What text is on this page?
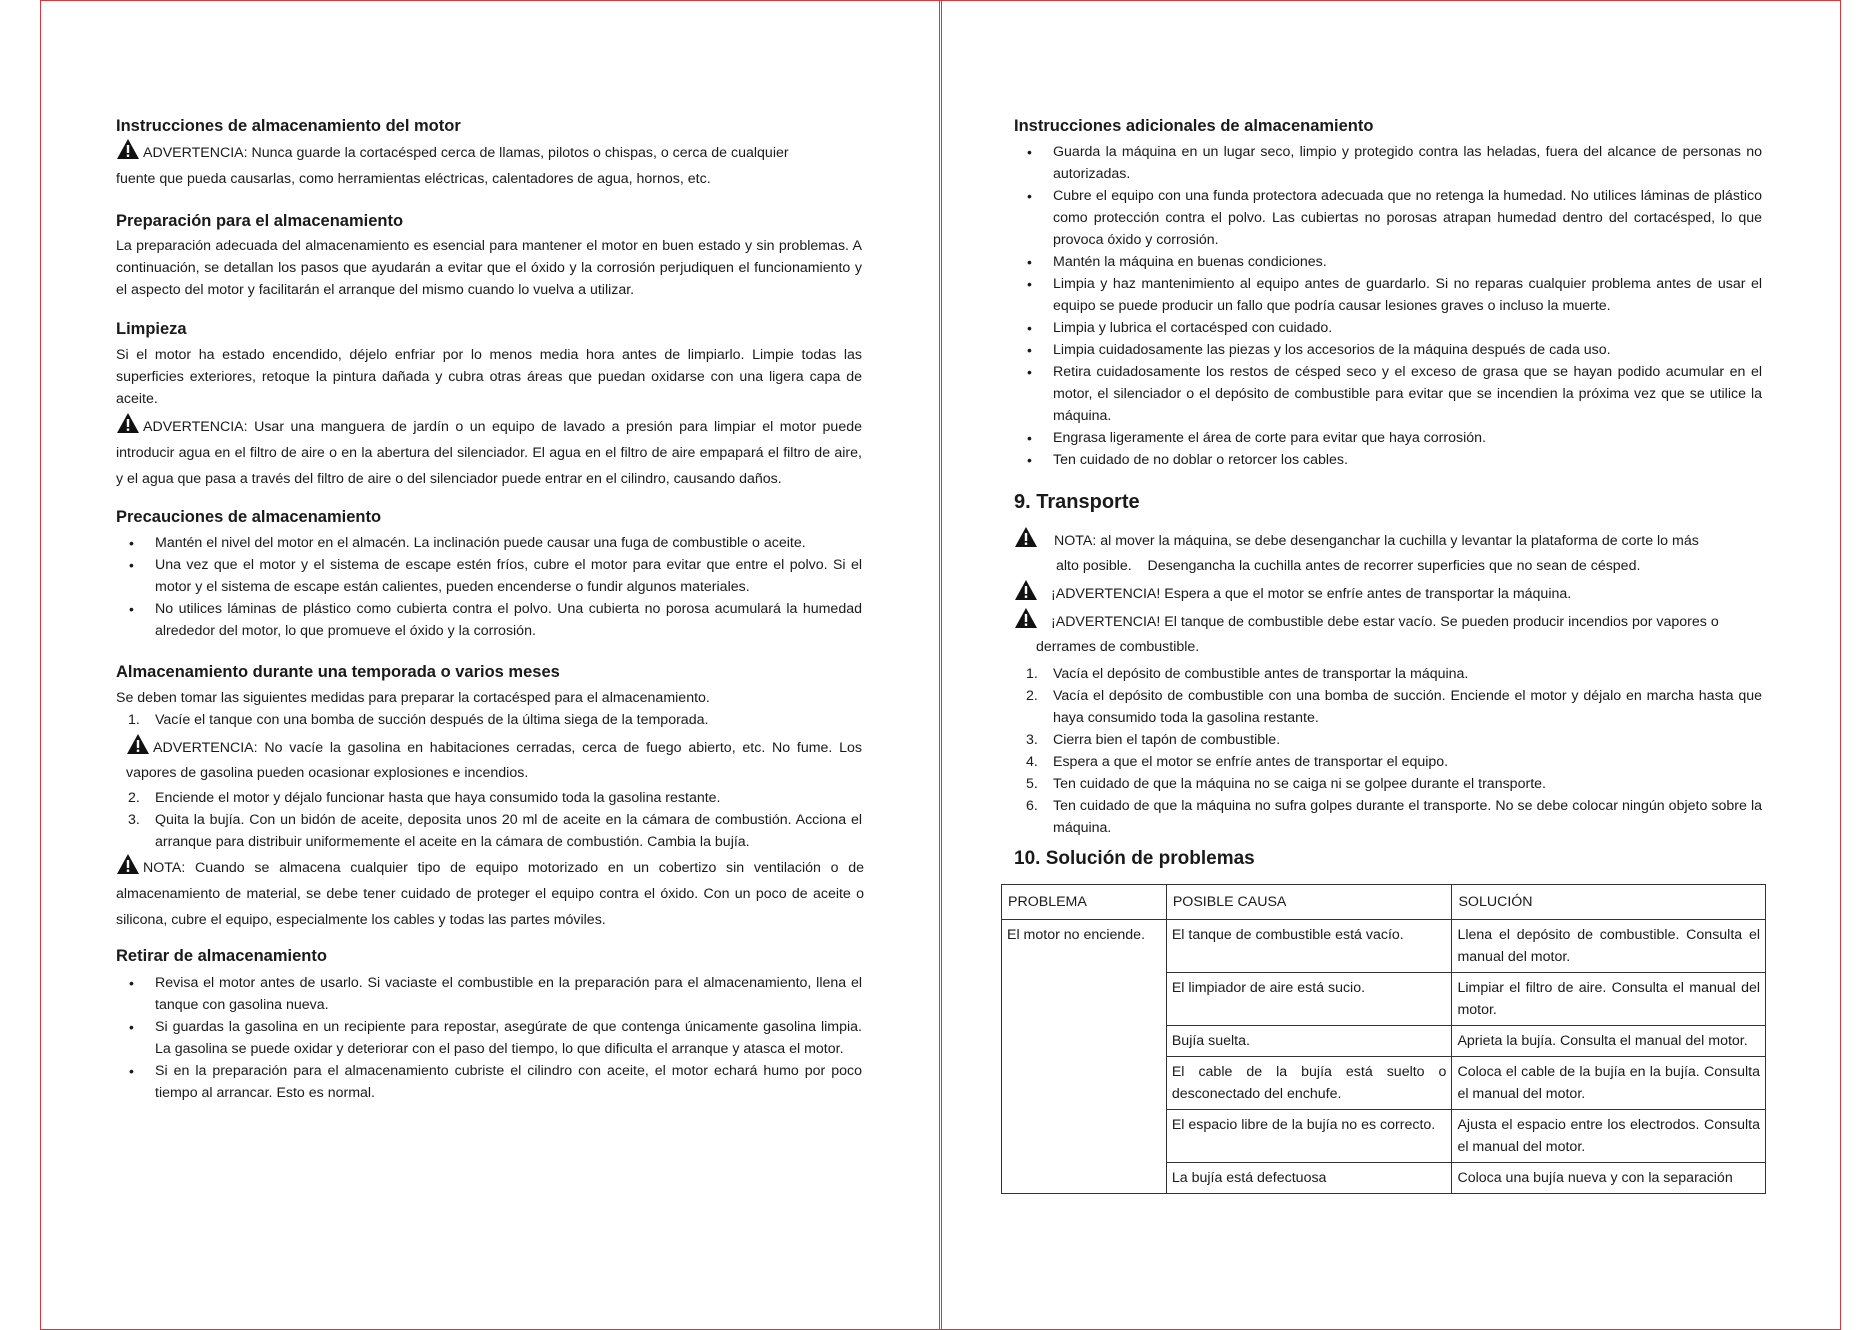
Instrucciones de almacenamiento del motor

ADVERTENCIA: Nunca guarde la cortacésped cerca de llamas, pilotos o chispas, o cerca de cualquier

fuente que pueda causarlas, como herramientas eléctricas, calentadores de agua, hornos, etc.

Preparación para el almacenamiento

La preparación adecuada del almacenamiento es esencial para mantener el motor en buen estado y sin problemas. A continuación, se detallan los pasos que ayudarán a evitar que el óxido y la corrosión perjudiquen el funcionamiento y el aspecto del motor y facilitarán el arranque del mismo cuando lo vuelva a utilizar.

Limpieza

Si el motor ha estado encendido, déjelo enfriar por lo menos media hora antes de limpiarlo. Limpie todas las superficies exteriores, retoque la pintura dañada y cubra otras áreas que puedan oxidarse con una ligera capa de aceite.

ADVERTENCIA: Usar una manguera de jardín o un equipo de lavado a presión para limpiar el motor puede introducir agua en el filtro de aire o en la abertura del silenciador. El agua en el filtro de aire empapará el filtro de aire, y el agua que pasa a través del filtro de aire o del silenciador puede entrar en el cilindro, causando daños.

Precauciones de almacenamiento
• Mantén el nivel del motor en el almacén. La inclinación puede causar una fuga de combustible o aceite.
• Una vez que el motor y el sistema de escape estén fríos, cubre el motor para evitar que entre el polvo. Si el motor y el sistema de escape están calientes, pueden encenderse o fundir algunos materiales.
• No utilices láminas de plástico como cubierta contra el polvo. Una cubierta no porosa acumulará la humedad alrededor del motor, lo que promueve el óxido y la corrosión.
Almacenamiento durante una temporada o varios meses

Se deben tomar las siguientes medidas para preparar la cortacésped para el almacenamiento.

1. Vacíe el tanque con una bomba de succión después de la última siega de la temporada.

ADVERTENCIA: No vacíe la gasolina en habitaciones cerradas, cerca de fuego abierto, etc. No fume. Los vapores de gasolina pueden ocasionar explosiones e incendios.

2. Enciende el motor y déjalo funcionar hasta que haya consumido toda la gasolina restante.
3. Quita la bujía. Con un bidón de aceite, deposita unos 20 ml de aceite en la cámara de combustión. Acciona el arranque para distribuir uniformemente el aceite en la cámara de combustión. Cambia la bujía.

NOTA: Cuando se almacena cualquier tipo de equipo motorizado en un cobertizo sin ventilación o de almacenamiento de material, se debe tener cuidado de proteger el equipo contra el óxido. Con un poco de aceite o silicona, cubre el equipo, especialmente los cables y todas las partes móviles.

Retirar de almacenamiento
• Revisa el motor antes de usarlo. Si vaciaste el combustible en la preparación para el almacenamiento, llena el tanque con gasolina nueva.
• Si guardas la gasolina en un recipiente para repostar, asegúrate de que contenga únicamente gasolina limpia. La gasolina se puede oxidar y deteriorar con el paso del tiempo, lo que dificulta el arranque y atasca el motor.
• Si en la preparación para el almacenamiento cubriste el cilindro con aceite, el motor echará humo por poco tiempo al arrancar. Esto es normal.
Instrucciones adicionales de almacenamiento
• Guarda la máquina en un lugar seco, limpio y protegido contra las heladas, fuera del alcance de personas no autorizadas.
• Cubre el equipo con una funda protectora adecuada que no retenga la humedad. No utilices láminas de plástico como protección contra el polvo. Las cubiertas no porosas atrapan humedad dentro del cortacésped, lo que provoca óxido y corrosión.
• Mantén la máquina en buenas condiciones.
• Limpia y haz mantenimiento al equipo antes de guardarlo. Si no reparas cualquier problema antes de usar el equipo se puede producir un fallo que podría causar lesiones graves o incluso la muerte.
• Limpia y lubrica el cortacésped con cuidado.
• Limpia cuidadosamente las piezas y los accesorios de la máquina después de cada uso.
• Retira cuidadosamente los restos de césped seco y el exceso de grasa que se hayan podido acumular en el motor, el silenciador o el depósito de combustible para evitar que se incendien la próxima vez que se utilice la máquina.
• Engrasa ligeramente el área de corte para evitar que haya corrosión.
• Ten cuidado de no doblar o retorcer los cables.
9. Transporte

NOTA: al mover la máquina, se debe desenganchar la cuchilla y levantar la plataforma de corte lo más

alto posible.    Desengancha la cuchilla antes de recorrer superficies que no sean de césped.

¡ADVERTENCIA! Espera a que el motor se enfríe antes de transportar la máquina.

¡ADVERTENCIA! El tanque de combustible debe estar vacío. Se pueden producir incendios por vapores o

derrames de combustible.

1. Vacía el depósito de combustible antes de transportar la máquina.
2. Vacía el depósito de combustible con una bomba de succión. Enciende el motor y déjalo en marcha hasta que haya consumido toda la gasolina restante.
3. Cierra bien el tapón de combustible.
4. Espera a que el motor se enfríe antes de transportar el equipo.
5. Ten cuidado de que la máquina no se caiga ni se golpee durante el transporte.
6. Ten cuidado de que la máquina no sufra golpes durante el transporte. No se debe colocar ningún objeto sobre la máquina.
10. Solución de problemas
PROBLEMA	POSIBLE CAUSA	SOLUCIÓN
El motor no enciende.	El tanque de combustible está vacío.	Llena el depósito de combustible. Consulta el manual del motor.
	El limpiador de aire está sucio.	Limpiar el filtro de aire. Consulta el manual del motor.
	Bujía suelta.	Aprieta la bujía. Consulta el manual del motor.
	El cable de la bujía está suelto o desconectado del enchufe.	Coloca el cable de la bujía en la bujía. Consulta el manual del motor.
	El espacio libre de la bujía no es correcto.	Ajusta el espacio entre los electrodos. Consulta el manual del motor.
	La bujía está defectuosa	Coloca una bujía nueva y con la separación
